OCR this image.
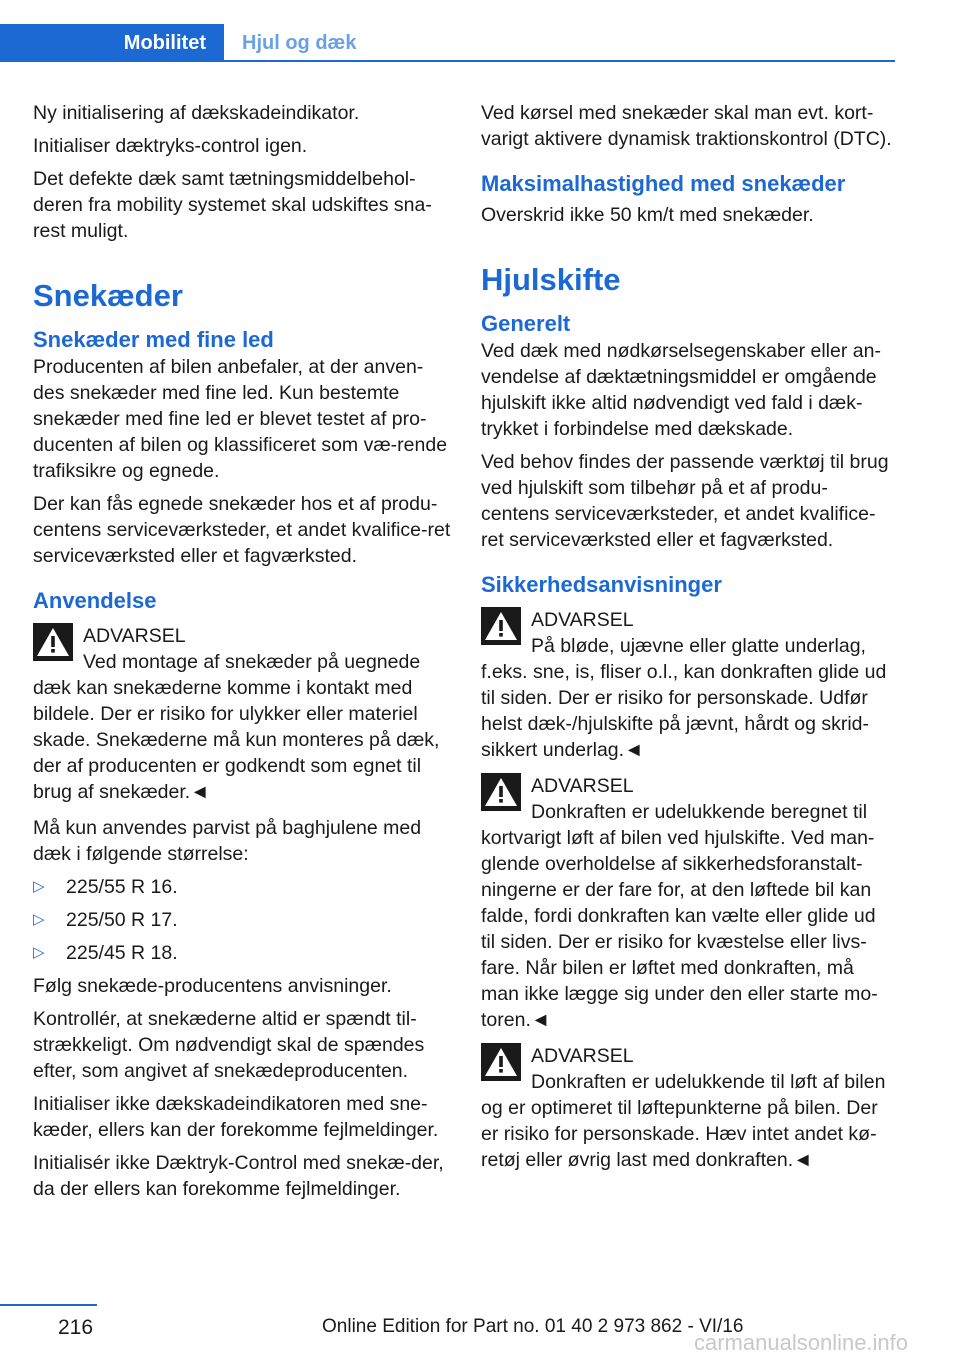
Mobilitet	Hjul og dæk

Ny initialisering af dækskadeindikator.

Initialiser dæktryks-control igen.

Det defekte dæk samt tætningsmiddelbehol-deren fra mobility systemet skal udskiftes sna-rest muligt.

Snekæder
Snekæder med fine led

Producenten af bilen anbefaler, at der anven-des snekæder med fine led. Kun bestemte snekæder med fine led er blevet testet af pro-ducenten af bilen og klassificeret som væ-rende trafiksikre og egnede.

Der kan fås egnede snekæder hos et af produ-centens serviceværksteder, et andet kvalifice-ret serviceværksted eller et fagværksted.

Anvendelse
ADVARSEL
Ved montage af snekæder på uegnede
dæk kan snekæderne komme i kontakt med bildele. Der er risiko for ulykker eller materiel skade. Snekæderne må kun monteres på dæk, der af producenten er godkendt som egnet til brug af snekæder.◄

Må kun anvendes parvist på baghjulene med dæk i følgende størrelse:

▷	225/55 R 16.
▷	225/50 R 17.
▷	225/45 R 18.

Følg snekæde-producentens anvisninger.

Kontrollér, at snekæderne altid er spændt til-strækkeligt. Om nødvendigt skal de spændes efter, som angivet af snekædeproducenten.

Initialiser ikke dækskadeindikatoren med sne-kæder, ellers kan der forekomme fejlmeldinger.

Initialisér ikke Dæktryk-Control med snekæ-der, da der ellers kan forekomme fejlmeldinger.

Ved kørsel med snekæder skal man evt. kort-varigt aktivere dynamisk traktionskontrol (DTC).

Maksimalhastighed med snekæder

Overskrid ikke 50 km/t med snekæder.

Hjulskifte
Generelt

Ved dæk med nødkørselsegenskaber eller an-vendelse af dæktætningsmiddel er omgående hjulskift ikke altid nødvendigt ved fald i dæk-trykket i forbindelse med dækskade.

Ved behov findes der passende værktøj til brug ved hjulskift som tilbehør på et af produ-centens serviceværksteder, et andet kvalifice-ret serviceværksted eller et fagværksted.

Sikkerhedsanvisninger
ADVARSEL
På bløde, ujævne eller glatte underlag,
f.eks. sne, is, fliser o.l., kan donkraften glide ud til siden. Der er risiko for personskade. Udfør helst dæk-/hjulskifte på jævnt, hårdt og skrid-sikkert underlag.◄
ADVARSEL
Donkraften er udelukkende beregnet til
kortvarigt løft af bilen ved hjulskifte. Ved man-glende overholdelse af sikkerhedsforanstalt-ningerne er der fare for, at den løftede bil kan falde, fordi donkraften kan vælte eller glide ud til siden. Der er risiko for kvæstelse eller livs-fare. Når bilen er løftet med donkraften, må man ikke lægge sig under den eller starte mo-toren.◄
ADVARSEL
Donkraften er udelukkende til løft af bilen
og er optimeret til løftepunkterne på bilen. Der er risiko for personskade. Hæv intet andet kø-retøj eller øvrig last med donkraften.◄
216	Online Edition for Part no. 01 40 2 973 862 - VI/16
carmanualsonline.info
